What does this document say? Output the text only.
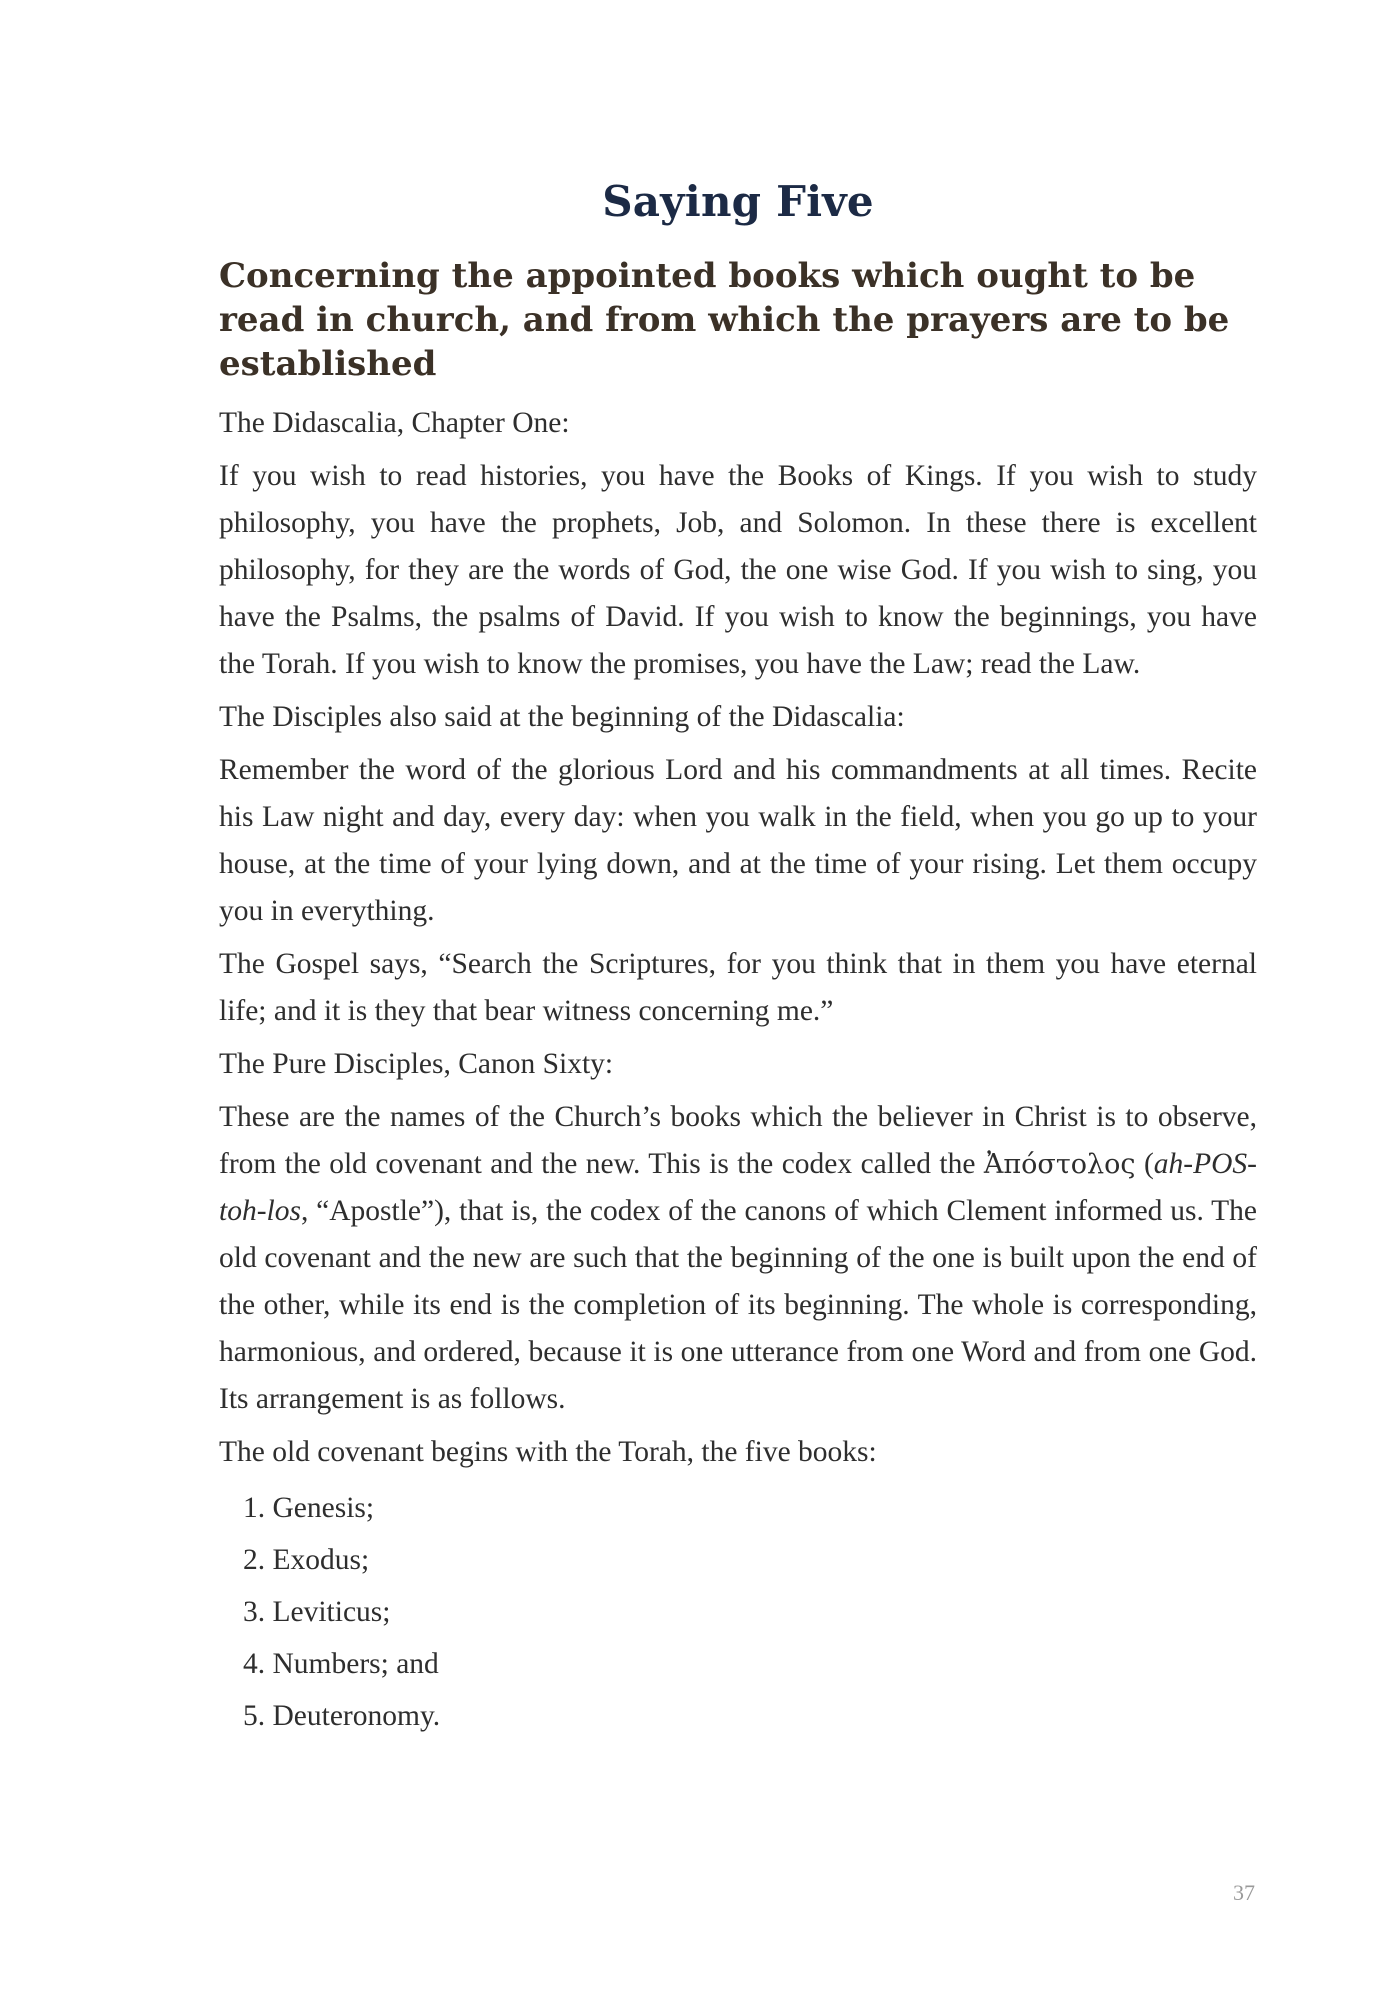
Saying Five
Concerning the appointed books which ought to be read in church, and from which the prayers are to be established

The Didascalia, Chapter One:

If you wish to read histories, you have the Books of Kings. If you wish to study philosophy, you have the prophets, Job, and Solomon. In these there is excellent philosophy, for they are the words of God, the one wise God. If you wish to sing, you have the Psalms, the psalms of David. If you wish to know the beginnings, you have the Torah. If you wish to know the promises, you have the Law; read the Law.

The Disciples also said at the beginning of the Didascalia:

Remember the word of the glorious Lord and his commandments at all times. Recite his Law night and day, every day: when you walk in the field, when you go up to your house, at the time of your lying down, and at the time of your rising. Let them occupy you in everything.

The Gospel says, “Search the Scriptures, for you think that in them you have eternal life; and it is they that bear witness concerning me.”

The Pure Disciples, Canon Sixty:

These are the names of the Church’s books which the believer in Christ is to observe, from the old covenant and the new. This is the codex called the Ἀπόστολος (ah-POS-toh-los, “Apostle”), that is, the codex of the canons of which Clement informed us. The old covenant and the new are such that the beginning of the one is built upon the end of the other, while its end is the completion of its beginning. The whole is corresponding, harmonious, and ordered, because it is one utterance from one Word and from one God. Its arrangement is as follows.

The old covenant begins with the Torah, the five books:

1. Genesis;
2. Exodus;
3. Leviticus;
4. Numbers; and
5. Deuteronomy.
37
